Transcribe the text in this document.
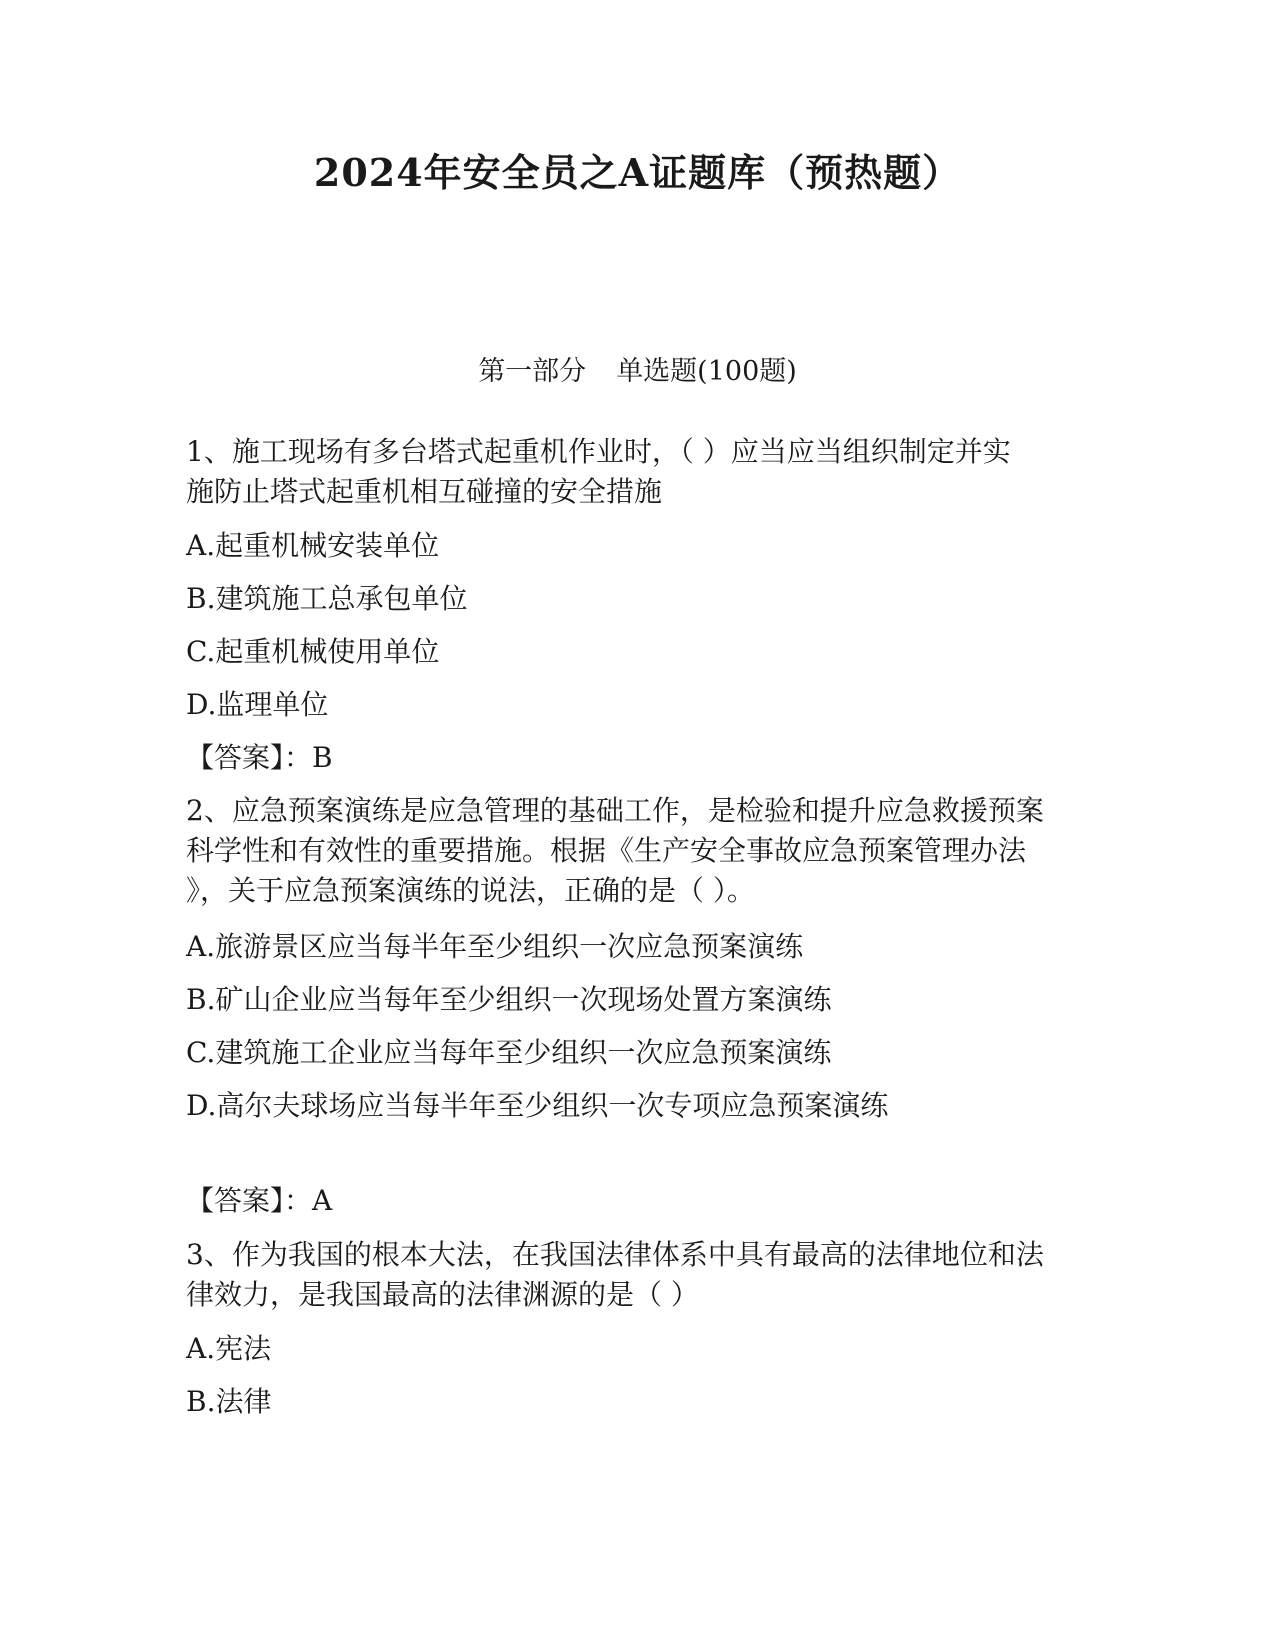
2024年安全员之A证题库（预热题）
第一部分 单选题(100题)
1、施工现场有多台塔式起重机作业时，（ ）应当应当组织制定并实
施防止塔式起重机相互碰撞的安全措施
A.起重机械安装单位
B.建筑施工总承包单位
C.起重机械使用单位
D.监理单位
【答案】：B
2、应急预案演练是应急管理的基础工作，是检验和提升应急救援预案
科学性和有效性的重要措施。根据《生产安全事故应急预案管理办法
》，关于应急预案演练的说法，正确的是（ ）。
A.旅游景区应当每半年至少组织一次应急预案演练
B.矿山企业应当每年至少组织一次现场处置方案演练
C.建筑施工企业应当每年至少组织一次应急预案演练
D.高尔夫球场应当每半年至少组织一次专项应急预案演练
【答案】：A
3、作为我国的根本大法，在我国法律体系中具有最高的法律地位和法
律效力，是我国最高的法律渊源的是（ ）
A.宪法
B.法律
